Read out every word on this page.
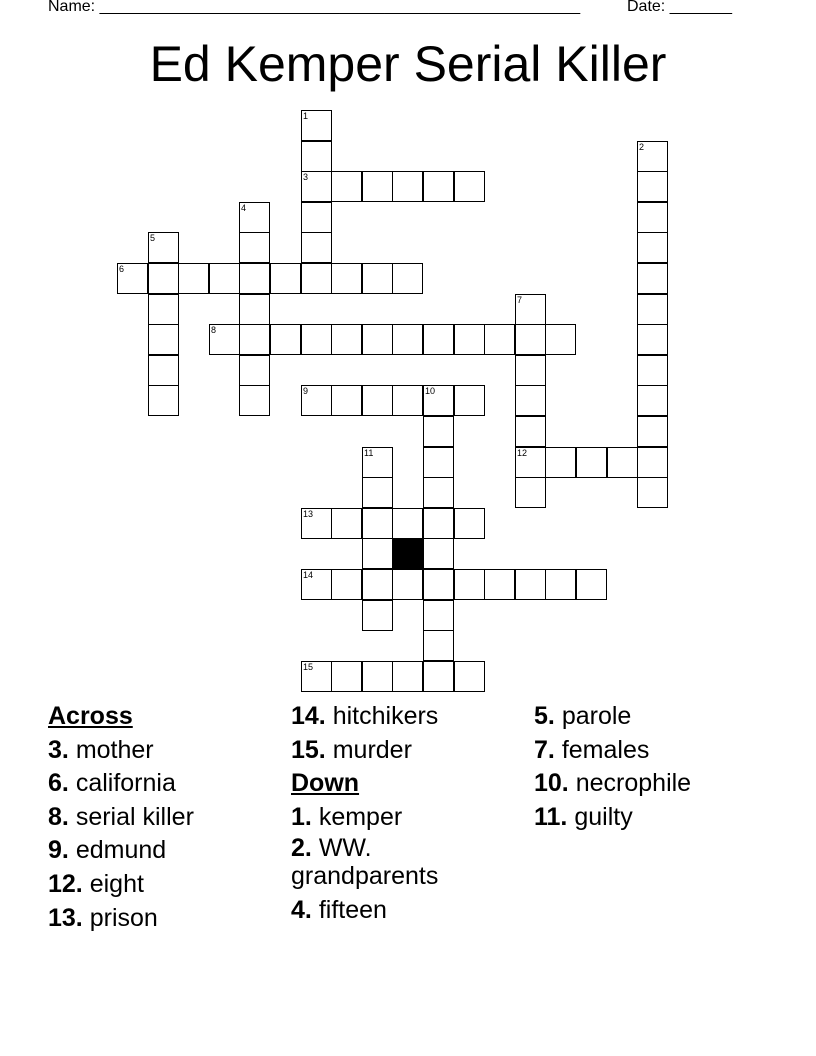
Name: ______________________________________________________	Date: _______
Ed Kemper Serial Killer
3
6
8
9	10
12
13
14
15
1
2
4
5
7
11
Across
3. mother
6. california
8. serial killer
9. edmund
12. eight
13. prison
14. hitchikers
15. murder
Down
1. kemper
2. WW. grandparents
4. fifteen
5. parole
7. females
10. necrophile
11. guilty
